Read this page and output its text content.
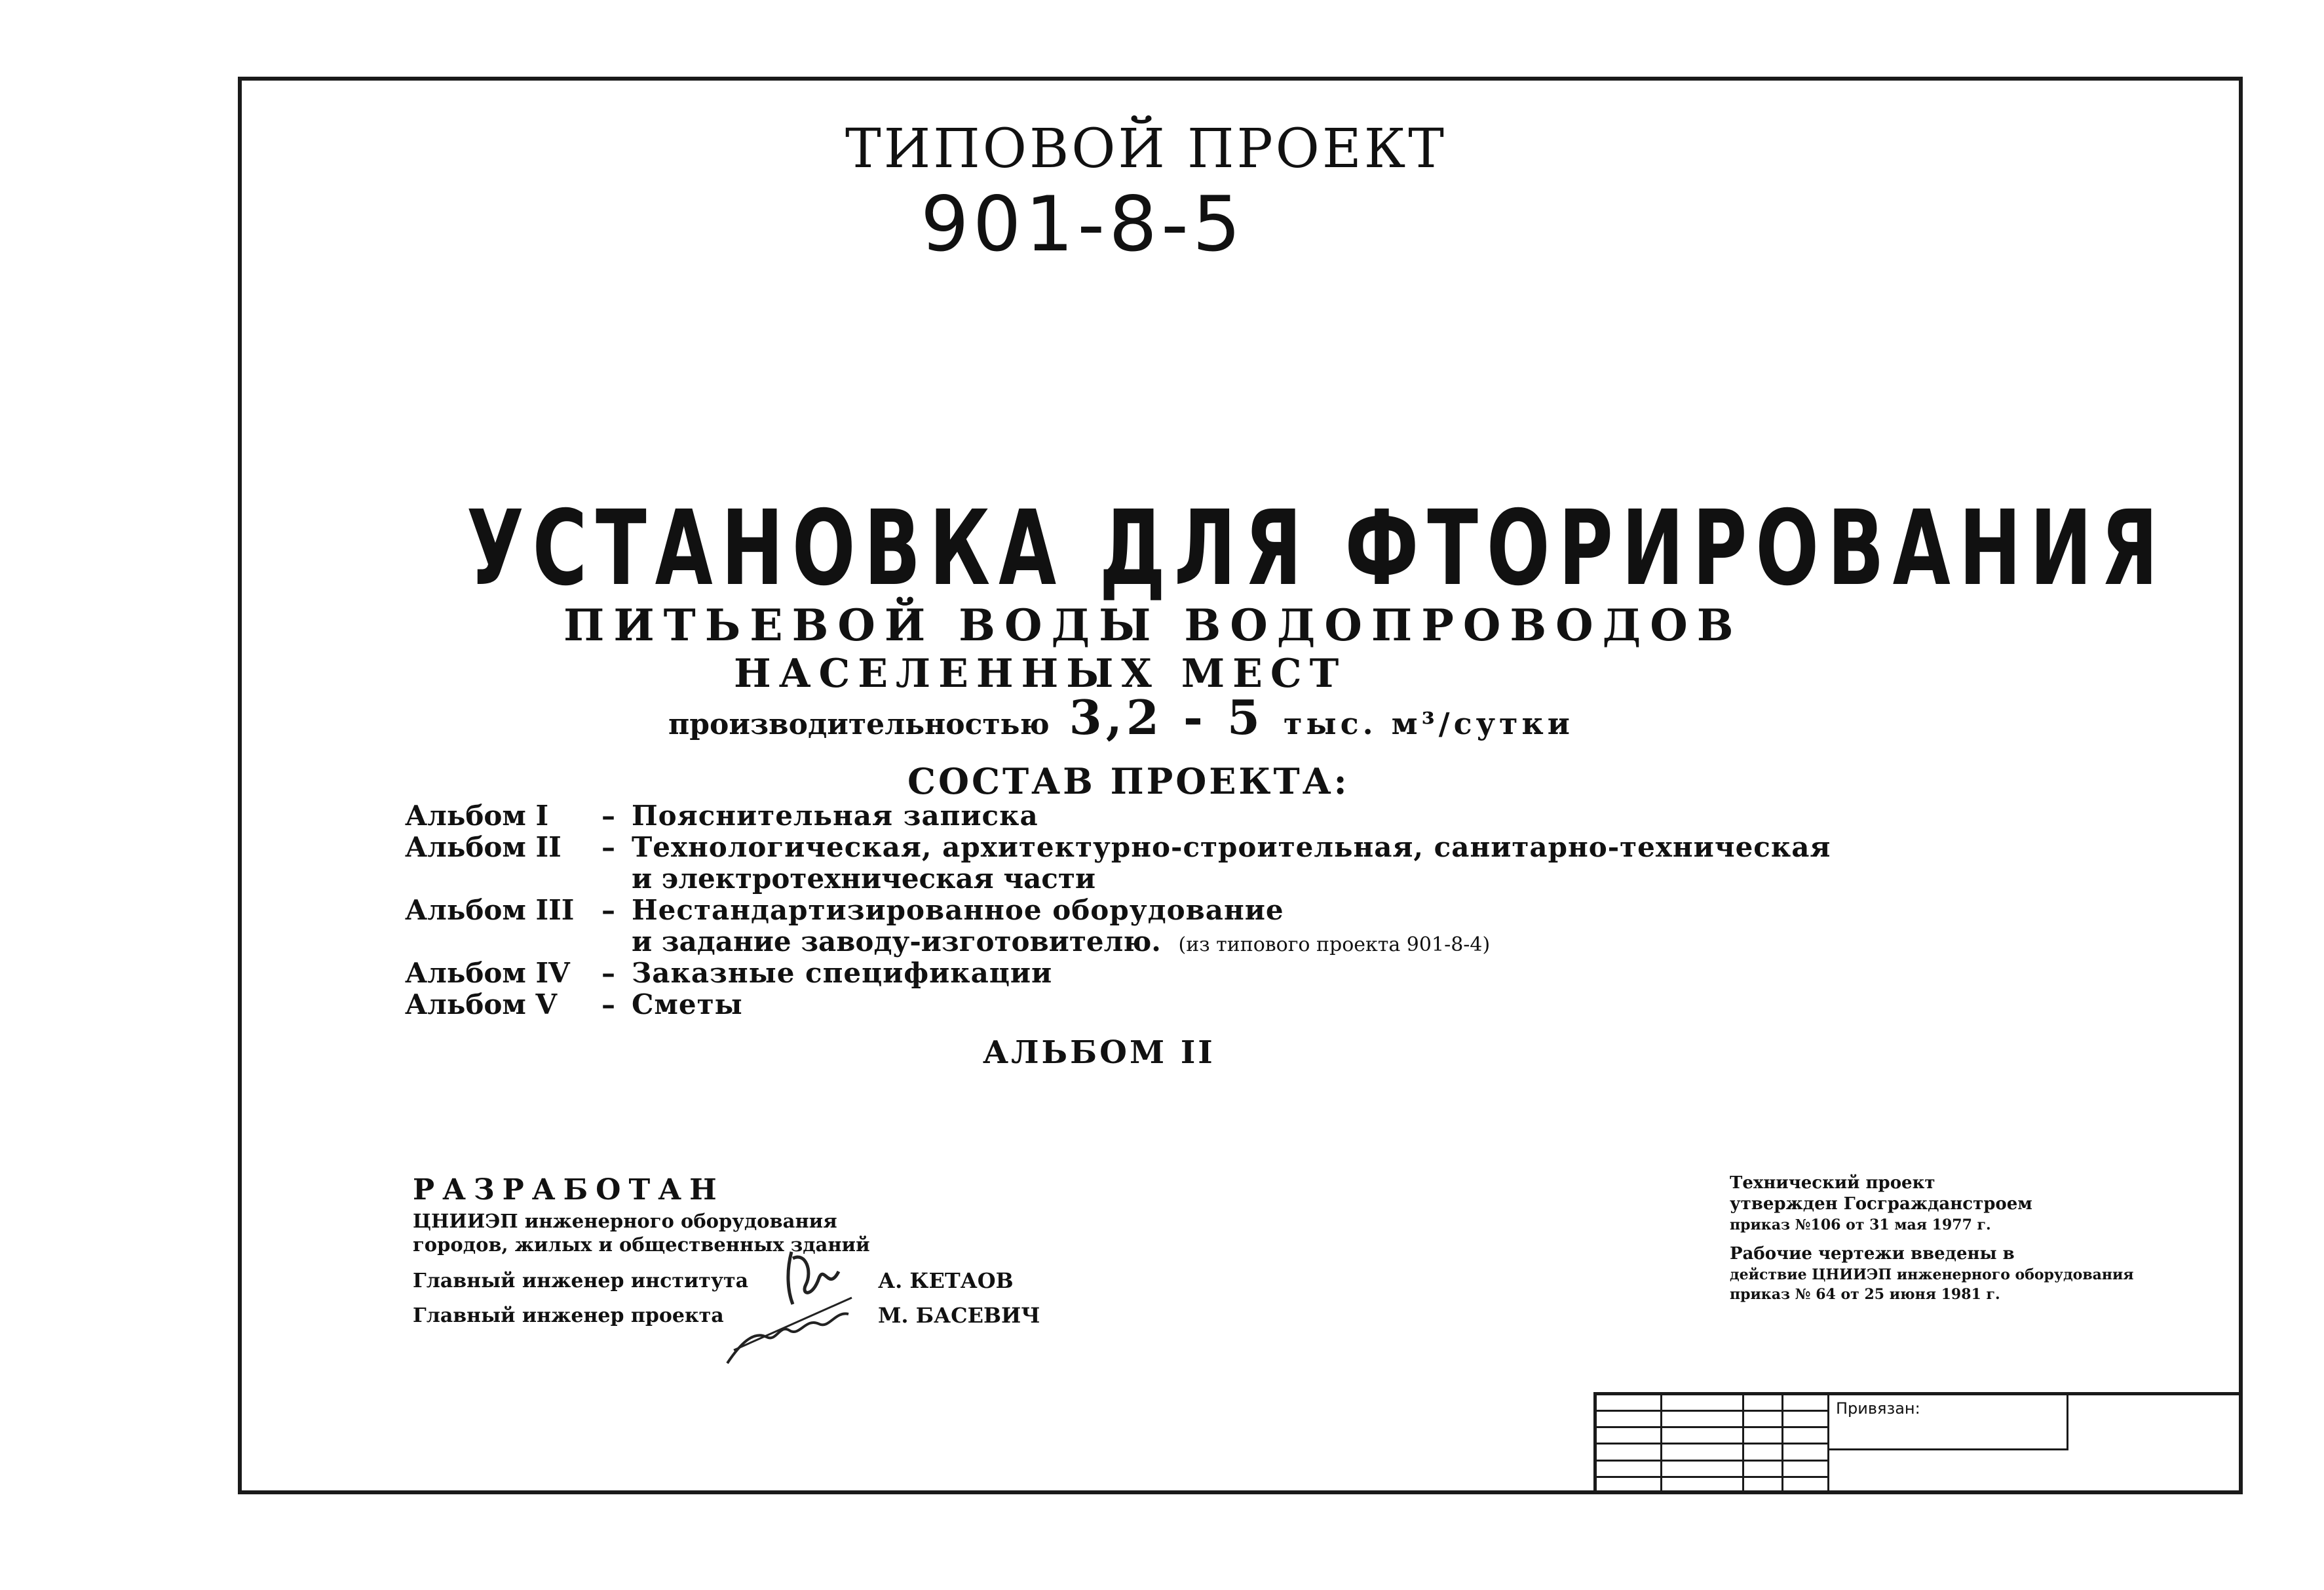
ТИПОВОЙ ПРОЕКТ
901-8-5
УСТАНОВКА ДЛЯ ФТОРИРОВАНИЯ
ПИТЬЕВОЙ ВОДЫ ВОДОПРОВОДОВ
НАСЕЛЕННЫХ МЕСТ
производительностью 3,2 - 5 тыс. м³/сутки
СОСТАВ ПРОЕКТА:
Альбом I	– Пояснительная записка
Альбом II	– Технологическая, архитектурно-строительная, санитарно-техническая
и электротехническая части
Альбом III – Нестандартизированное оборудование
и задание заводу-изготовителю. (из типового проекта 901-8-4)
Альбом IV	– Заказные спецификации
Альбом V	– Сметы
АЛЬБОМ II
РАЗРАБОТАН
ЦНИИЭП инженерного оборудования
городов, жилых и общественных зданий
Главный инженер института	А. КЕТАОВ
Главный инженер проекта	М. БАСЕВИЧ
Технический проект
утвержден Госгражданстроем
приказ №106 от 31 мая 1977 г.
Рабочие чертежи введены в
действие ЦНИИЭП инженерного оборудования
приказ № 64 от 25 июня 1981 г.
Привязан:
